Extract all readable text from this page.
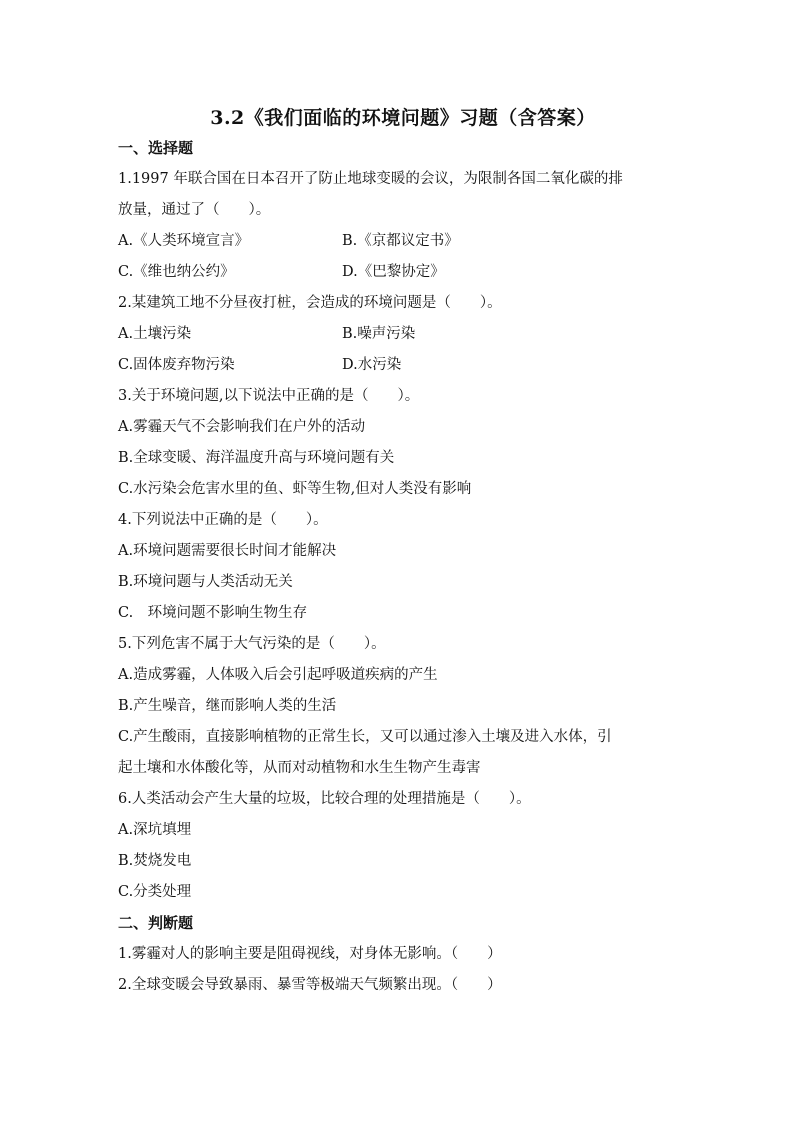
3.2《我们面临的环境问题》习题（含答案）
一、选择题
1.1997 年联合国在日本召开了防止地球变暖的会议，为限制各国二氧化碳的排
放量，通过了（　　）。
A.《人类环境宣言》	B.《京都议定书》
C.《维也纳公约》	D.《巴黎协定》
2.某建筑工地不分昼夜打桩，会造成的环境问题是（　　）。
A.土壤污染	B.噪声污染
C.固体废弃物污染	D.水污染
3.关于环境问题,以下说法中正确的是（　　）。
A.雾霾天气不会影响我们在户外的活动
B.全球变暖、海洋温度升高与环境问题有关
C.水污染会危害水里的鱼、虾等生物,但对人类没有影响
4.下列说法中正确的是（　　）。
A.环境问题需要很长时间才能解决
B.环境问题与人类活动无关
C.　环境问题不影响生物生存
5.下列危害不属于大气污染的是（　　）。
A.造成雾霾，人体吸入后会引起呼吸道疾病的产生
B.产生噪音，继而影响人类的生活
C.产生酸雨，直接影响植物的正常生长，又可以通过渗入土壤及进入水体，引
起土壤和水体酸化等，从而对动植物和水生生物产生毒害
6.人类活动会产生大量的垃圾，比较合理的处理措施是（　　）。
A.深坑填埋
B.焚烧发电
C.分类处理
二、判断题
1.雾霾对人的影响主要是阻碍视线，对身体无影响。（　　）
2.全球变暖会导致暴雨、暴雪等极端天气频繁出现。（　　）
